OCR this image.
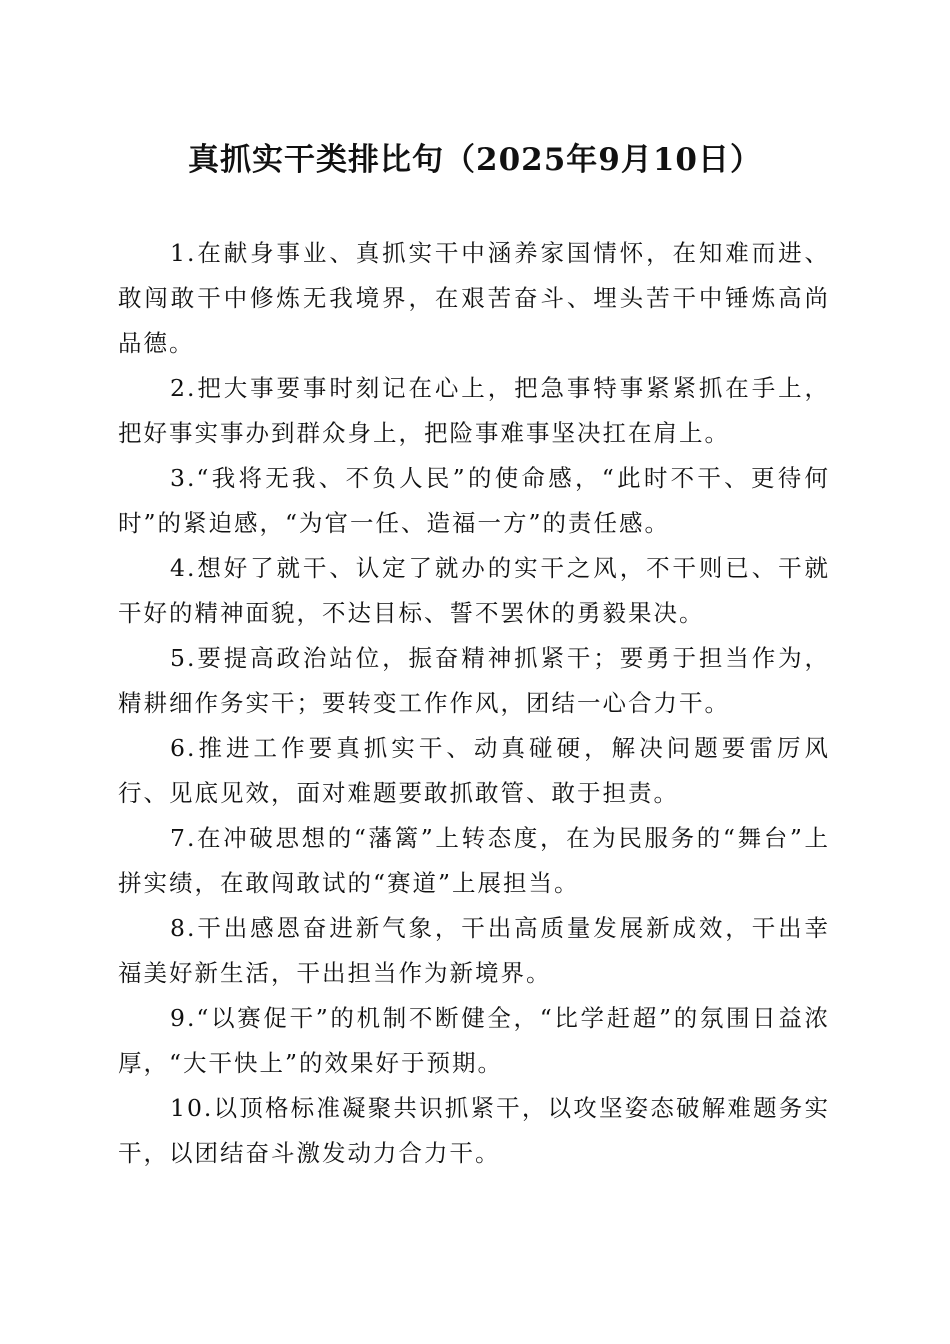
真抓实干类排比句（2025年9月10日）

1.在献身事业、真抓实干中涵养家国情怀，在知难而进、敢闯敢干中修炼无我境界，在艰苦奋斗、埋头苦干中锤炼高尚品德。

2.把大事要事时刻记在心上，把急事特事紧紧抓在手上，把好事实事办到群众身上，把险事难事坚决扛在肩上。

3.“我将无我、不负人民”的使命感，“此时不干、更待何时”的紧迫感，“为官一任、造福一方”的责任感。

4.想好了就干、认定了就办的实干之风，不干则已、干就干好的精神面貌，不达目标、誓不罢休的勇毅果决。

5.要提高政治站位，振奋精神抓紧干；要勇于担当作为，精耕细作务实干；要转变工作作风，团结一心合力干。

6.推进工作要真抓实干、动真碰硬，解决问题要雷厉风行、见底见效，面对难题要敢抓敢管、敢于担责。

7.在冲破思想的“藩篱”上转态度，在为民服务的“舞台”上拼实绩，在敢闯敢试的“赛道”上展担当。

8.干出感恩奋进新气象，干出高质量发展新成效，干出幸福美好新生活，干出担当作为新境界。

9.“以赛促干”的机制不断健全，“比学赶超”的氛围日益浓厚，“大干快上”的效果好于预期。

10.以顶格标准凝聚共识抓紧干，以攻坚姿态破解难题务实干，以团结奋斗激发动力合力干。
